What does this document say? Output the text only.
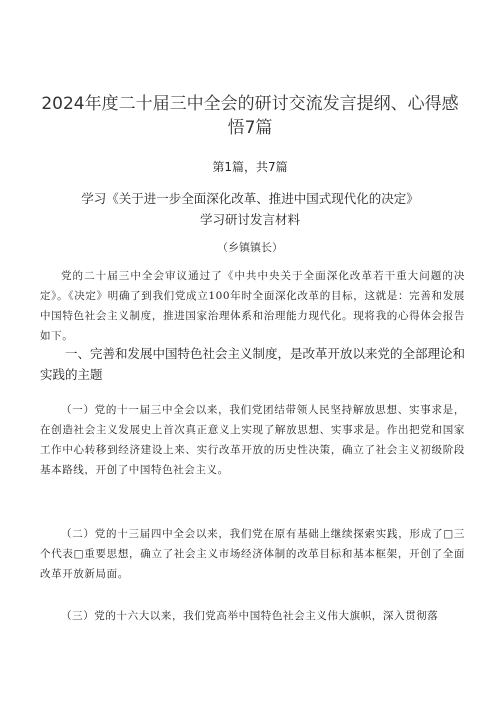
2024年度二十届三中全会的研讨交流发言提纲、心得感悟7篇
第1篇，共7篇
学习《关于进一步全面深化改革、推进中国式现代化的决定》
学习研讨发言材料
（乡镇镇长）

党的二十届三中全会审议通过了《中共中央关于全面深化改革若干重大问题的决定》。《决定》明确了到我们党成立100年时全面深化改革的目标，这就是：完善和发展中国特色社会主义制度，推进国家治理体系和治理能力现代化。现将我的心得体会报告如下。

一、完善和发展中国特色社会主义制度，是改革开放以来党的全部理论和实践的主题

（一）党的十一届三中全会以来，我们党团结带领人民坚持解放思想、实事求是，在创造社会主义发展史上首次真正意义上实现了解放思想、实事求是。作出把党和国家工作中心转移到经济建设上来、实行改革开放的历史性决策，确立了社会主义初级阶段基本路线，开创了中国特色社会主义。

（二）党的十三届四中全会以来，我们党在原有基础上继续探索实践，形成了□三个代表□重要思想，确立了社会主义市场经济体制的改革目标和基本框架，开创了全面改革开放新局面。

（三）党的十六大以来，我们党高举中国特色社会主义伟大旗帜，深入贯彻落
